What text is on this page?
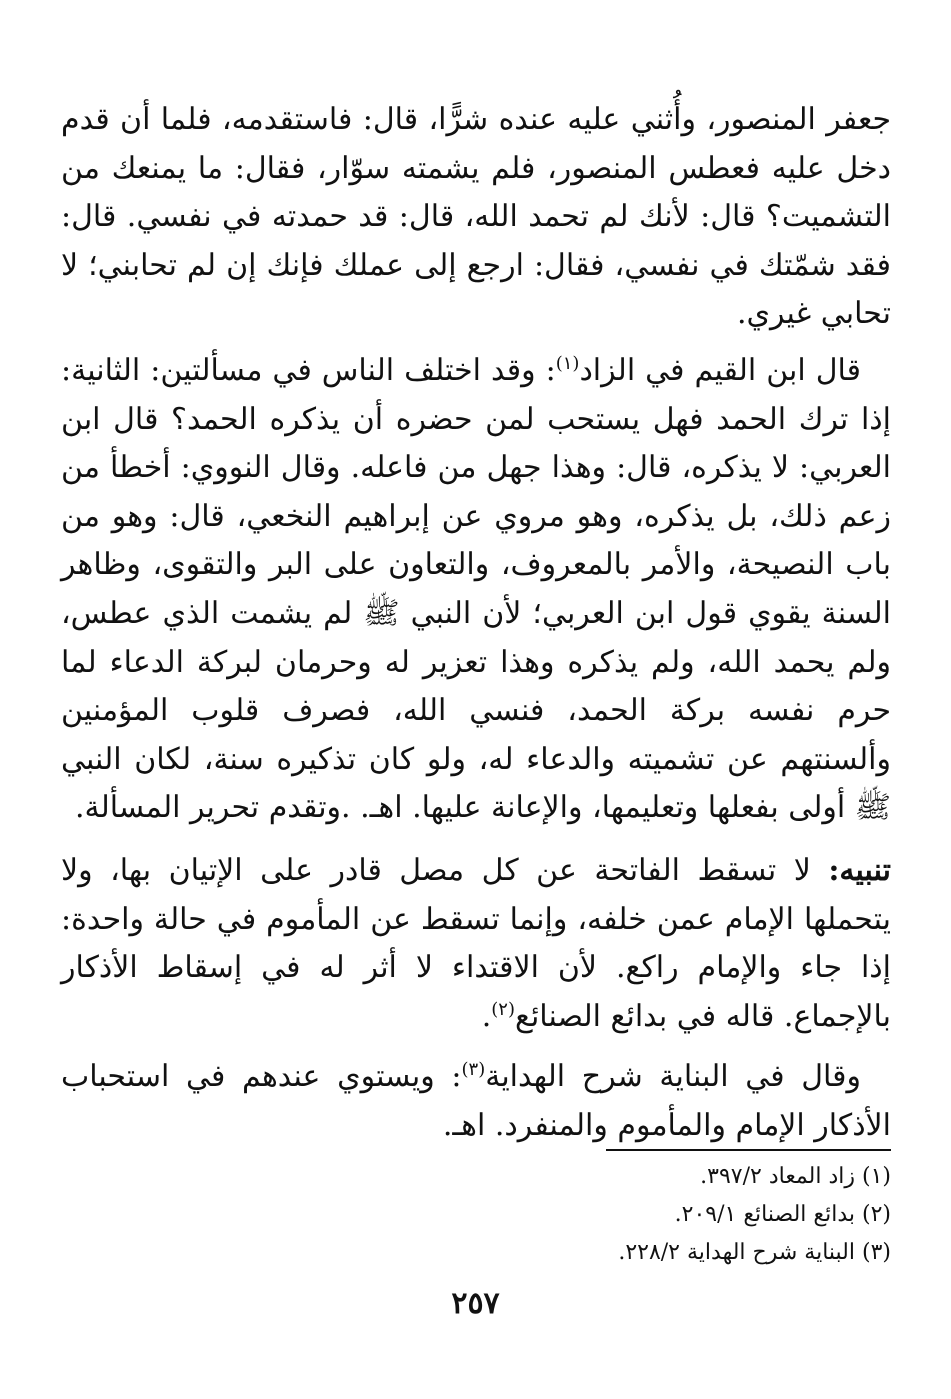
جعفر المنصور، وأُثني عليه عنده شرًّا، قال: فاستقدمه، فلما أن قدم دخل عليه فعطس المنصور، فلم يشمته سوّار، فقال: ما يمنعك من التشميت؟ قال: لأنك لم تحمد الله، قال: قد حمدته في نفسي. قال: فقد شمّتك في نفسي، فقال: ارجع إلى عملك فإنك إن لم تحابني؛ لا تحابي غيري.

قال ابن القيم في الزاد$^{(١)}$: وقد اختلف الناس في مسألتين: الثانية: إذا ترك الحمد فهل يستحب لمن حضره أن يذكره الحمد؟ قال ابن العربي: لا يذكره، قال: وهذا جهل من فاعله. وقال النووي: أخطأ من زعم ذلك، بل يذكره، وهو مروي عن إبراهيم النخعي، قال: وهو من باب النصيحة، والأمر بالمعروف، والتعاون على البر والتقوى، وظاهر السنة يقوي قول ابن العربي؛ لأن النبي ﷺ لم يشمت الذي عطس، ولم يحمد الله، ولم يذكره وهذا تعزير له وحرمان لبركة الدعاء لما حرم نفسه بركة الحمد، فنسي الله، فصرف قلوب المؤمنين وألسنتهم عن تشميته والدعاء له، ولو كان تذكيره سنة، لكان النبي ﷺ أولى بفعلها وتعليمها، والإعانة عليها. اهـ. .وتقدم تحرير المسألة.

تنبيه: لا تسقط الفاتحة عن كل مصل قادر على الإتيان بها، ولا يتحملها الإمام عمن خلفه، وإنما تسقط عن المأموم في حالة واحدة: إذا جاء والإمام راكع. لأن الاقتداء لا أثر له في إسقاط الأذكار بالإجماع. قاله في بدائع الصنائع$^{(٢)}$.

وقال في البناية شرح الهداية$^{(٣)}$: ويستوي عندهم في استحباب الأذكار الإمام والمأموم والمنفرد. اهـ.

(١) زاد المعاد ٣٩٧/٢.

(٢) بدائع الصنائع ٢٠٩/١.

(٣) البناية شرح الهداية ٢٢٨/٢.

٢٥٧
